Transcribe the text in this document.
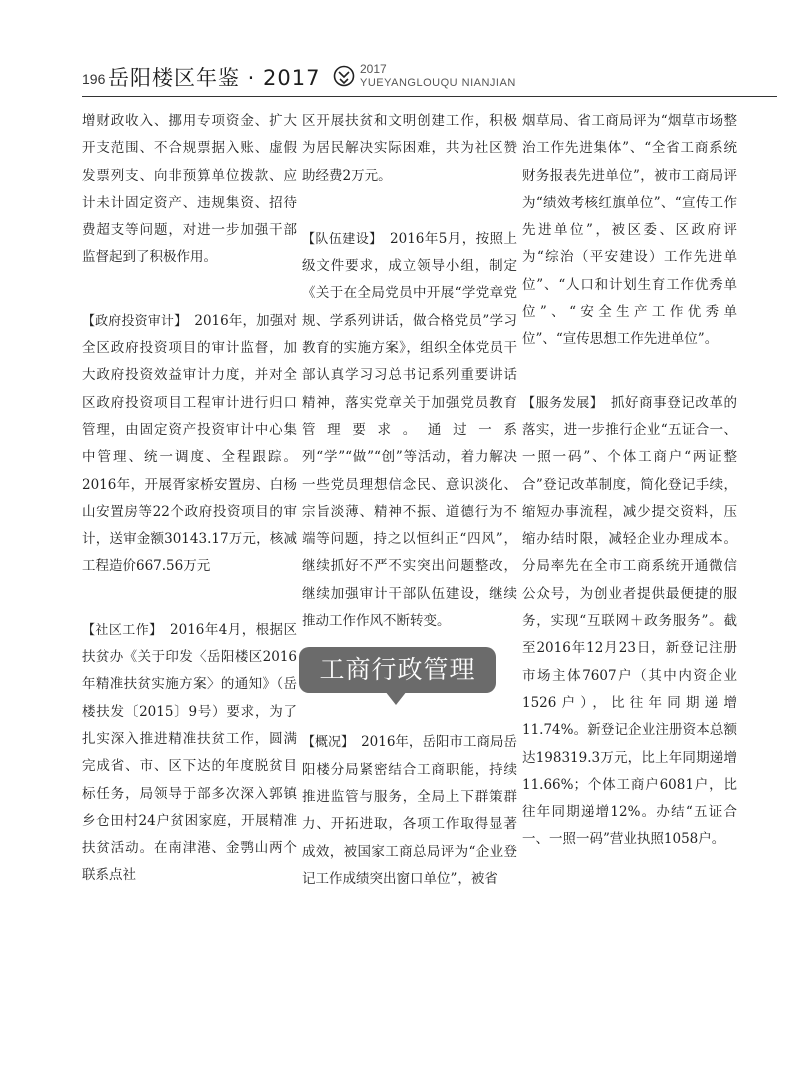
196 岳阳楼区年鉴 · 2017	2017
YUEYANGLOUQU NIANJIAN

增财政收入、挪用专项资金、扩大开支范围、不合规票据入账、虚假发票列支、向非预算单位拨款、应计未计固定资产、违规集资、招待费超支等问题，对进一步加强干部监督起到了积极作用。

【政府投资审计】　 2016年，加强对全区政府投资项目的审计监督，加大政府投资效益审计力度，并对全区政府投资项目工程审计进行归口管理，由固定资产投资审计中心集中管理、统一调度、全程跟踪。2016年，开展胥家桥安置房、白杨山安置房等22个政府投资项目的审计，送审金额30143.17万元，核减工程造价667.56万元

【社区工作】　 2016年4月，根据区扶贫办《关于印发〈岳阳楼区2016年精准扶贫实施方案〉的通知》（岳楼扶发〔2015〕9号）要求，为了扎实深入推进精准扶贫工作，圆满完成省、市、区下达的年度脱贫目标任务，局领导于部多次深入郭镇乡仓田村24户贫困家庭，开展精准扶贫活动。在南津港、金鹗山两个联系点社

区开展扶贫和文明创建工作，积极为居民解决实际困难，共为社区赞助经费2万元。

【队伍建设】　 2016年5月，按照上级文件要求，成立领导小组，制定《关于在全局党员中开展“学党章党规、学系列讲话，做合格党员”学习教育的实施方案》，组织全体党员干部认真学习习总书记系列重要讲话精神，落实党章关于加强党员教育管理要求。通过一系列“学”“做”“创”等活动，着力解决一些党员理想信念民、意识淡化、宗旨淡薄、精神不振、道德行为不端等问题，持之以恒纠正“四风”，继续抓好不严不实突出问题整改，继续加强审计干部队伍建设，继续推动工作作风不断转变。

工商行政管理

【概况】　 2016年，岳阳市工商局岳阳楼分局紧密结合工商职能，持续推进监管与服务，全局上下群策群力、开拓进取，各项工作取得显著成效，被国家工商总局评为“企业登记工作成绩突出窗口单位”，被省

烟草局、省工商局评为“烟草市场整治工作先进集体”、“全省工商系统财务报表先进单位”，被市工商局评为“绩效考核红旗单位”、“宣传工作先进单位”，被区委、区政府评为“综治（平安建设）工作先进单位”、“人口和计划生育工作优秀单位”、“安全生产工作优秀单位”、“宣传思想工作先进单位”。

【服务发展】　 抓好商事登记改革的落实，进一步推行企业“五证合一、一照一码”、个体工商户“两证整合”登记改革制度，简化登记手续，缩短办事流程，减少提交资料，压缩办结时限，减轻企业办理成本。分局率先在全市工商系统开通微信公众号，为创业者提供最便捷的服务，实现“互联网＋政务服务”。截至2016年12月23日，新登记注册市场主体7607户（其中内资企业1526户），比往年同期递增11.74%。新登记企业注册资本总额达198319.3万元，比上年同期递增11.66%；个体工商户6081户，比往年同期递增12%。办结“五证合一、一照一码”营业执照1058户。
